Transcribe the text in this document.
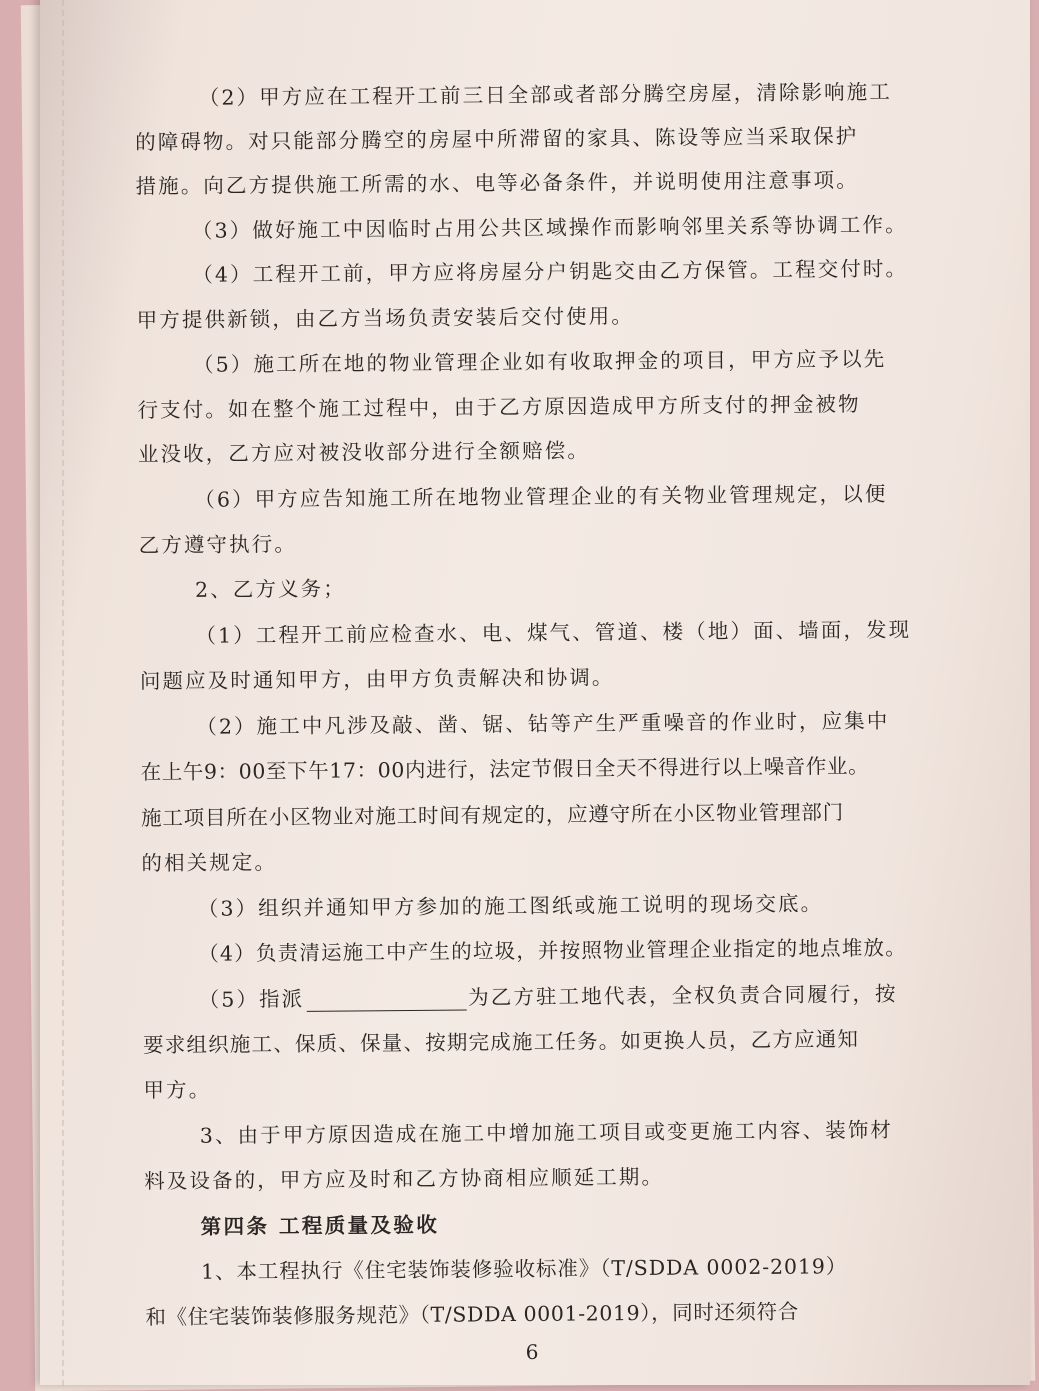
（2）甲方应在工程开工前三日全部或者部分腾空房屋，清除影响施工
的障碍物。对只能部分腾空的房屋中所滞留的家具、陈设等应当采取保护
措施。向乙方提供施工所需的水、电等必备条件，并说明使用注意事项。
（3）做好施工中因临时占用公共区域操作而影响邻里关系等协调工作。
（4）工程开工前，甲方应将房屋分户钥匙交由乙方保管。工程交付时。
甲方提供新锁，由乙方当场负责安装后交付使用。
（5）施工所在地的物业管理企业如有收取押金的项目，甲方应予以先
行支付。如在整个施工过程中，由于乙方原因造成甲方所支付的押金被物
业没收，乙方应对被没收部分进行全额赔偿。
（6）甲方应告知施工所在地物业管理企业的有关物业管理规定，以便
乙方遵守执行。
2、乙方义务；
（1）工程开工前应检查水、电、煤气、管道、楼（地）面、墙面，发现
问题应及时通知甲方，由甲方负责解决和协调。
（2）施工中凡涉及敲、凿、锯、钻等产生严重噪音的作业时，应集中
在上午9：00至下午17：00内进行，法定节假日全天不得进行以上噪音作业。
施工项目所在小区物业对施工时间有规定的，应遵守所在小区物业管理部门
的相关规定。
（3）组织并通知甲方参加的施工图纸或施工说明的现场交底。
（4）负责清运施工中产生的垃圾，并按照物业管理企业指定的地点堆放。
（5）指派	为乙方驻工地代表，全权负责合同履行，按
要求组织施工、保质、保量、按期完成施工任务。如更换人员，乙方应通知
甲方。
3、由于甲方原因造成在施工中增加施工项目或变更施工内容、装饰材
料及设备的，甲方应及时和乙方协商相应顺延工期。
第四条 工程质量及验收
1、本工程执行《住宅装饰装修验收标准》（T/SDDA 0002-2019）
和《住宅装饰装修服务规范》（T/SDDA 0001-2019），同时还须符合
6
